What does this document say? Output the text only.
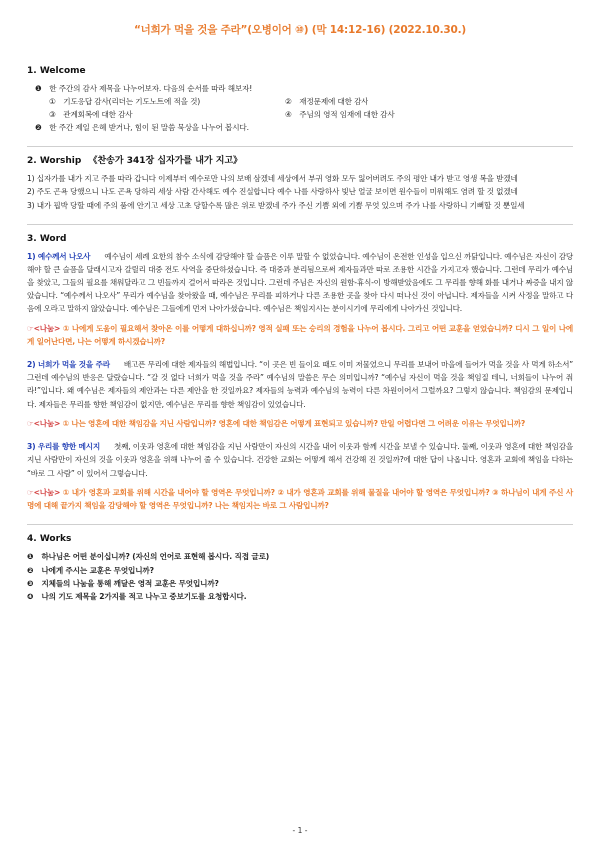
“너희가 먹을 것을 주라”(오병이어 ⑩) (막 14:12-16) (2022.10.30.)
1. Welcome

❶ 한 주간의 감사 제목을 나누어보자. 다음의 순서를 따라 해보자!

① 기도응답 감사(리더는 기도노트에 적을 것)	② 재정문제에 대한 감사

③ 관계회복에 대한 감사	④ 주님의 영적 임재에 대한 감사

❷ 한 주간 제일 은혜 받거나, 힘이 된 말씀 묵상을 나누어 봅시다.

2. Worship 《찬송가 341장 십자가를 내가 지고》

1) 십자가를 내가 지고 주를 따라 갑니다 이제부터 예수로만 나의 보배 삼겠네 세상에서 부귀 영화 모두 잃어버려도 주의 평안 내가 받고 영생 복을 받겠네

2) 주도 곤욕 당했으니 나도 곤욕 당하리 세상 사람 간사해도 예수 진실합니다 예수 나를 사랑하사 빛난 얼굴 보이면 원수들이 미워해도 염려 할 것 없겠네

3) 내가 핍박 당할 때에 주의 품에 안기고 세상 고초 당할수록 많은 위로 받겠네 주가 주신 기쁨 외에 기쁨 무엇 있으며 주가 나를 사랑하니 기뻐할 것 뿐일세

3. Word

1) 예수께서 나오사 예수님이 세례 요한의 참수 소식에 감당해야 할 슬픔은 이루 말할 수 없었습니다. 예수님이 온전한 인성을 입으신 까닭입니다. 예수님은 자신이 감당해야 할 큰 슬픔을 달래시고자 갈릴리 대중 전도 사역을 중단하셨습니다. 즉 대중과 분리됨으로써 제자들과만 따로 조용한 시간을 가지고자 했습니다. 그런데 무리가 예수님을 찾았고, 그들의 필요를 채워달라고 그 빈들까지 걸어서 따라온 것입니다. 그런데 주님은 자신의 원함-휴식-이 방해받았음에도 그 무리를 향해 화를 내거나 짜증을 내지 않았습니다. “예수께서 나오사” 무리가 예수님을 찾아왔을 때, 예수님은 무리를 피하거나 다른 조용한 곳을 찾아 다시 떠나신 것이 아닙니다. 제자들을 시켜 사정을 말하고 다음에 오라고 말하지 않았습니다. 예수님은 그들에게 먼저 나아가셨습니다. 예수님은 책임지시는 분이시기에 무리에게 나아가신 것입니다.

☞<나눔> ① 나에게 도움이 필요해서 찾아온 이를 어떻게 대하십니까? 영적 실패 또는 승리의 경험을 나누어 봅시다. 그리고 어떤 교훈을 얻었습니까? 디시 그 일이 나에게 일어난다면, 나는 어떻게 하시겠습니까?

2) 너희가 먹을 것을 주라 배고픈 무리에 대한 제자들의 해법입니다. “이 곳은 빈 들이요 때도 이미 저물었으니 무리를 보내어 마을에 들어가 먹을 것을 사 먹게 하소서” 그런데 예수님의 반응은 달랐습니다. “갈 것 없다 너희가 먹을 것을 주라” 예수님의 말씀은 무슨 의미입니까? “예수님 자신이 먹을 것을 책임질 테니, 너희들이 나누어 줘라!”입니다. 왜 예수님은 제자들의 제안과는 다른 제안을 한 것일까요? 제자들의 능력과 예수님의 능력이 다른 차원이어서 그럴까요? 그렇지 않습니다. 책임감의 문제입니다. 제자들은 무리를 향한 책임감이 없지만, 예수님은 무리를 향한 책임감이 있었습니다.

☞<나눔> ① 나는 영혼에 대한 책임감을 지닌 사람입니까? 영혼에 대한 책임감은 어떻게 표현되고 있습니까? 만일 어렵다면 그 어려운 이유는 무엇입니까?

3) 우리를 향한 메시지 첫째, 이웃과 영혼에 대한 책임감을 지닌 사람만이 자신의 시간을 내어 이웃과 함께 시간을 보낼 수 있습니다. 둘째, 이웃과 영혼에 대한 책임감을 지닌 사람만이 자신의 것을 이웃과 영혼을 위해 나누어 줄 수 있습니다. 건강한 교회는 어떻게 해서 건강해 진 것일까?에 대한 답이 나옵니다. 영혼과 교회에 책임을 다하는 “바로 그 사람” 이 있어서 그렇습니다.

☞<나눔> ① 내가 영혼과 교회를 위해 시간을 내어야 할 영역은 무엇입니까? ② 내가 영혼과 교회를 위해 물질을 내어야 할 영역은 무엇입니까? ③ 하나님이 내게 주신 사명에 대해 끝가지 책임을 감당해야 할 영역은 무엇입니까? 나는 책임지는 바로 그 사람입니까?

4. Works

❶ 하나님은 어떤 분이십니까? (자신의 언어로 표현해 봅시다. 직접 글로)

❷ 나에게 주시는 교훈은 무엇입니까?

❸ 지체들의 나눔을 통해 깨달은 영적 교훈은 무엇입니까?

❹ 나의 기도 제목을 2가지를 적고 나누고 중보기도를 요청합시다.

- 1 -
